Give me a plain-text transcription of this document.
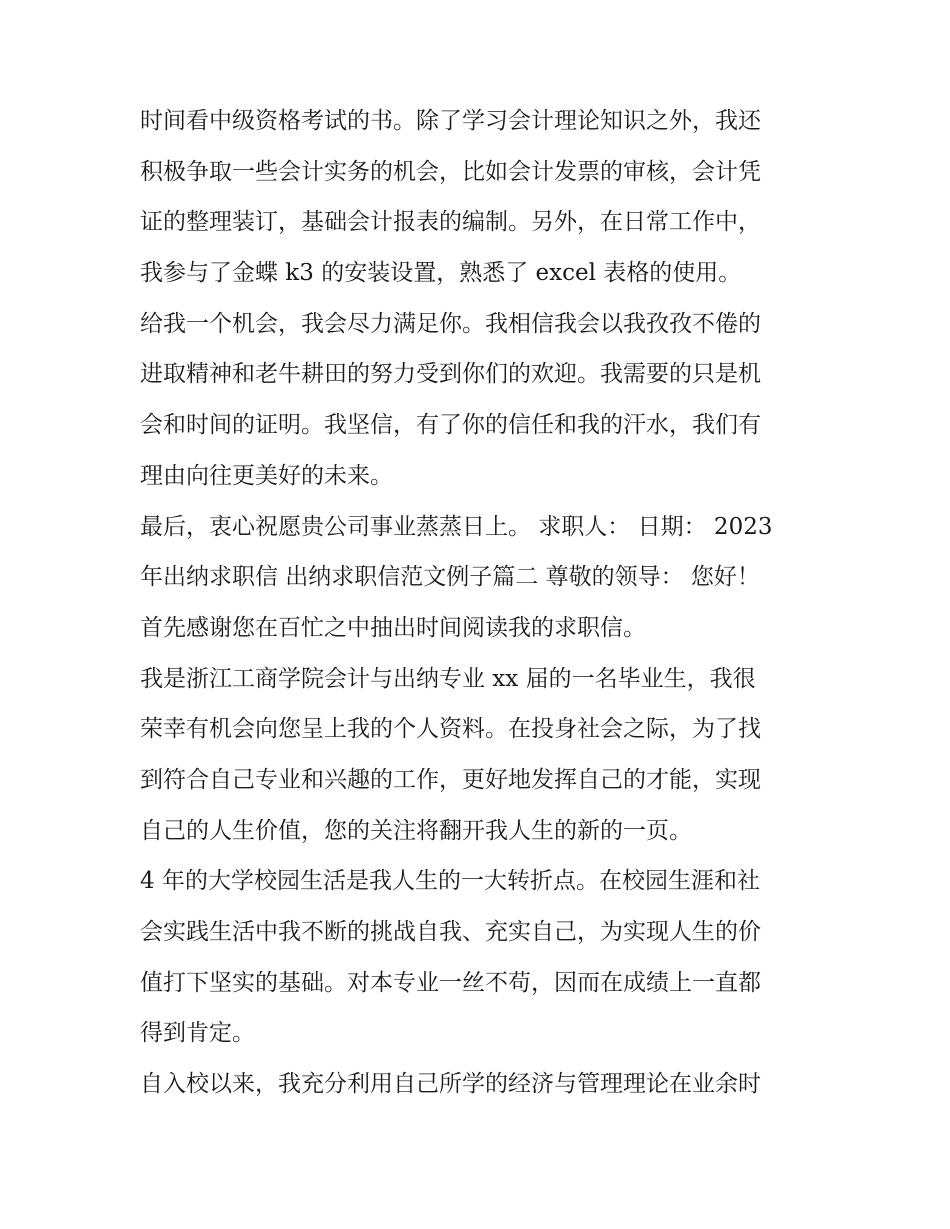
时间看中级资格考试的书。除了学习会计理论知识之外，我还
积极争取一些会计实务的机会，比如会计发票的审核，会计凭
证的整理装订，基础会计报表的编制。另外，在日常工作中，
我参与了金蝶 k3 的安装设置，熟悉了 excel 表格的使用。
给我一个机会，我会尽力满足你。我相信我会以我孜孜不倦的
进取精神和老牛耕田的努力受到你们的欢迎。我需要的只是机
会和时间的证明。我坚信，有了你的信任和我的汗水，我们有
理由向往更美好的未来。
最后，衷心祝愿贵公司事业蒸蒸日上。 求职人： 日期： 2023
年出纳求职信 出纳求职信范文例子篇二 尊敬的领导： 您好！
首先感谢您在百忙之中抽出时间阅读我的求职信。
我是浙江工商学院会计与出纳专业 xx 届的一名毕业生，我很
荣幸有机会向您呈上我的个人资料。在投身社会之际，为了找
到符合自己专业和兴趣的工作，更好地发挥自己的才能，实现
自己的人生价值，您的关注将翻开我人生的新的一页。
4 年的大学校园生活是我人生的一大转折点。在校园生涯和社
会实践生活中我不断的挑战自我、充实自己，为实现人生的价
值打下坚实的基础。对本专业一丝不苟，因而在成绩上一直都
得到肯定。
自入校以来，我充分利用自己所学的经济与管理理论在业余时
